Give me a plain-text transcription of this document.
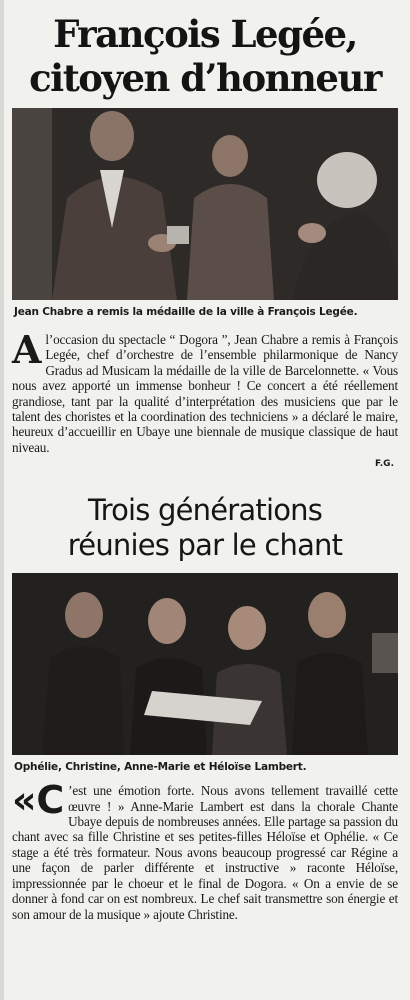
François Legée,
citoyen d’honneur
Jean Chabre a remis la médaille de la ville à François Legée.
Al’occasion du spectacle “ Dogora ”, Jean Chabre a remis à François Legée, chef d’orchestre de l’ensemble philarmonique de Nancy Gradus ad Musicam la médaille de la ville de Barcelonnette. « Vous nous avez apporté un immense bonheur ! Ce concert a été réellement grandiose, tant par la qualité d’interprétation des musiciens que par le talent des choristes et la coordination des techniciens » a déclaré le maire, heureux d’accueillir en Ubaye une biennale de musique classique de haut niveau.
F.G.
Trois générations
réunies par le chant
Ophélie, Christine, Anne-Marie et Héloïse Lambert.
«C ’est une émotion forte. Nous avons tellement travaillé cette œuvre ! » Anne-Marie Lambert est dans la chorale Chante Ubaye depuis de nombreuses années. Elle partage sa passion du chant avec sa fille Christine et ses petites-filles Héloïse et Ophélie. « Ce stage a été très formateur. Nous avons beaucoup progressé car Régine a une façon de parler différente et instructive » raconte Héloïse, impressionnée par le choeur et le final de Dogora. « On a envie de se donner à fond car on est nombreux. Le chef sait transmettre son énergie et son amour de la musique » ajoute Christine.
